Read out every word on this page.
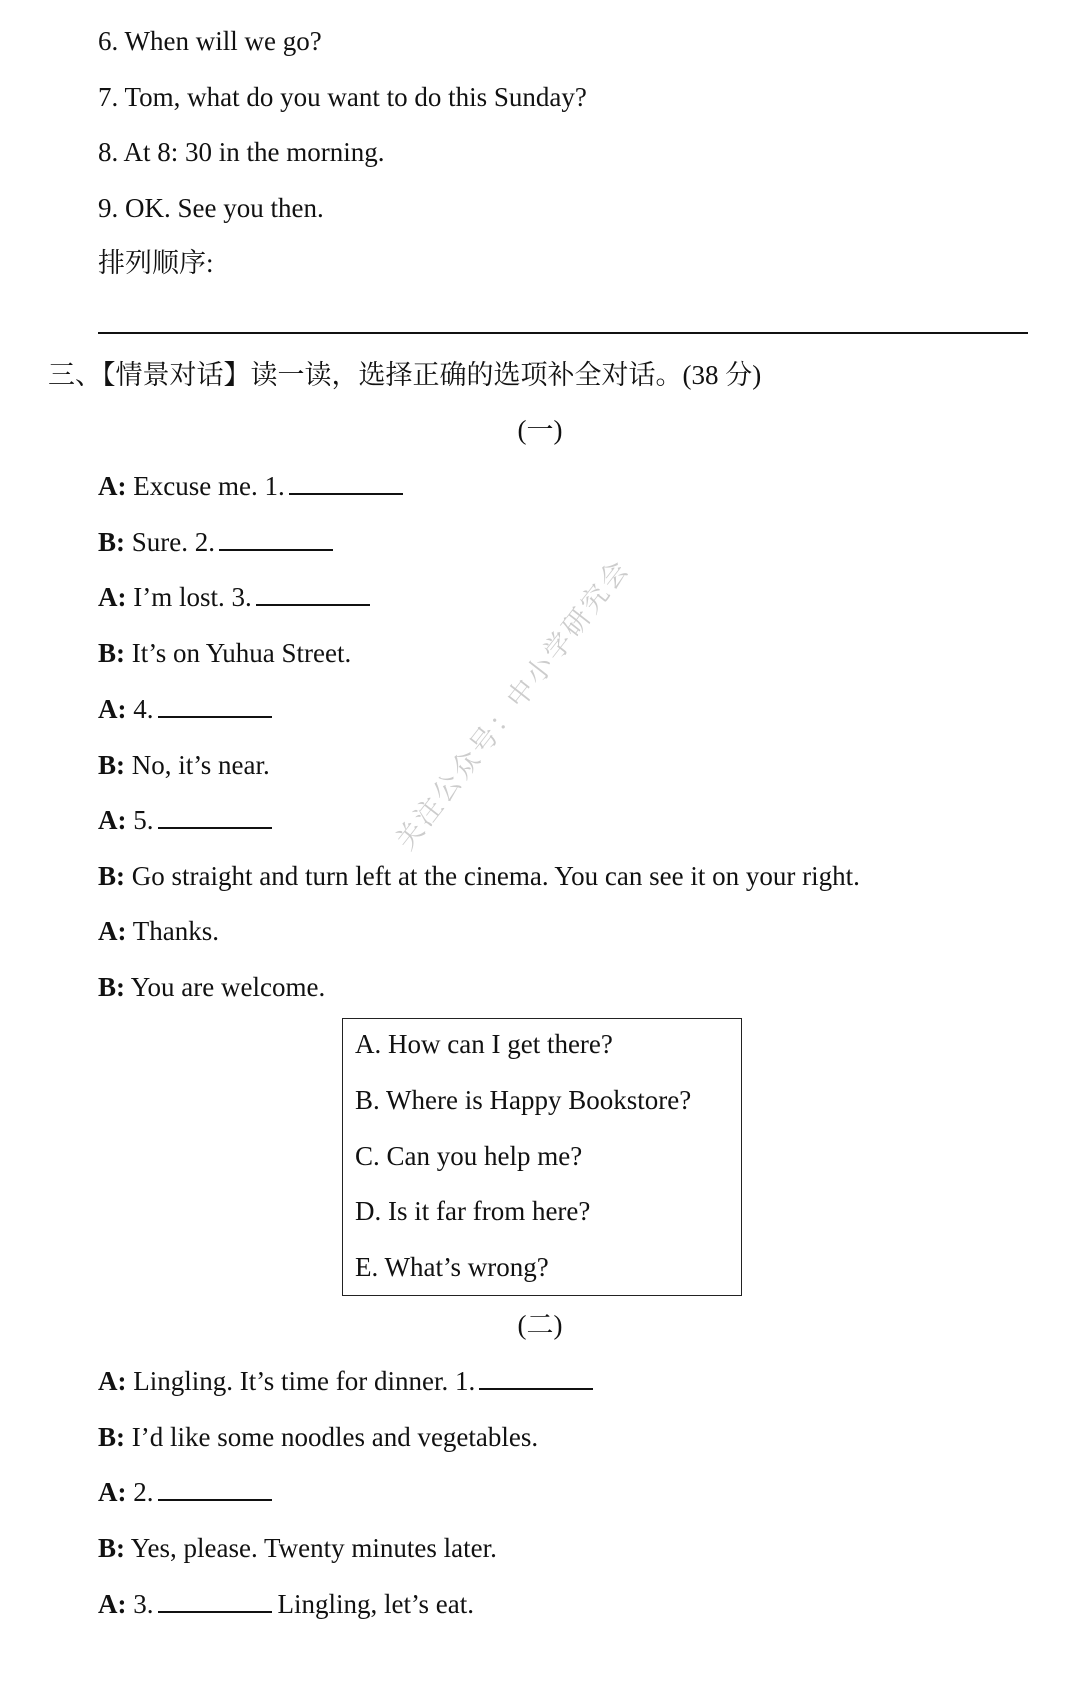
6. When will we go?
7. Tom, what do you want to do this Sunday?
8. At 8: 30 in the morning.
9. OK. See you then.
排列顺序:
三、【情景对话】读一读，选择正确的选项补全对话。(38 分)
(一)
A: Excuse me. 1.
B: Sure. 2.
A: I’m lost. 3.
B: It’s on Yuhua Street.
A: 4.
B: No, it’s near.
A: 5.
B: Go straight and turn left at the cinema. You can see it on your right.
A: Thanks.
B: You are welcome.
A. How can I get there?
B. Where is Happy Bookstore?
C. Can you help me?
D. Is it far from here?
E. What’s wrong?
(二)
A: Lingling. It’s time for dinner. 1.
B: I’d like some noodles and vegetables.
A: 2.
B: Yes, please. Twenty minutes later.
A: 3.	Lingling, let’s eat.
关注公众号：中小学研究会
